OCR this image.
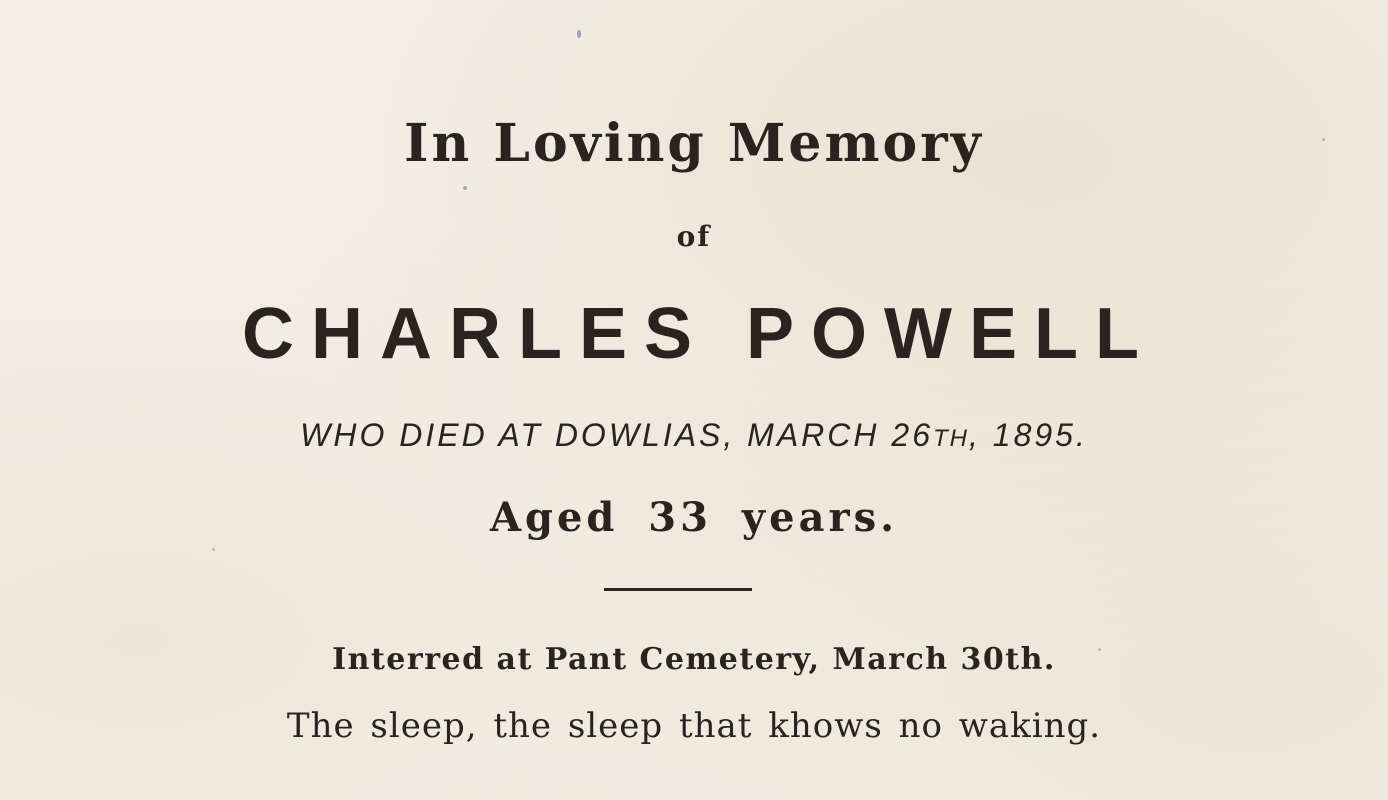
In Loving Memory
of
CHARLES POWELL
WHO DIED AT DOWLIAS, MARCH 26TH, 1895.
Aged 33 years.
Interred at Pant Cemetery, March 30th.
The sleep, the sleep that khows no waking.
